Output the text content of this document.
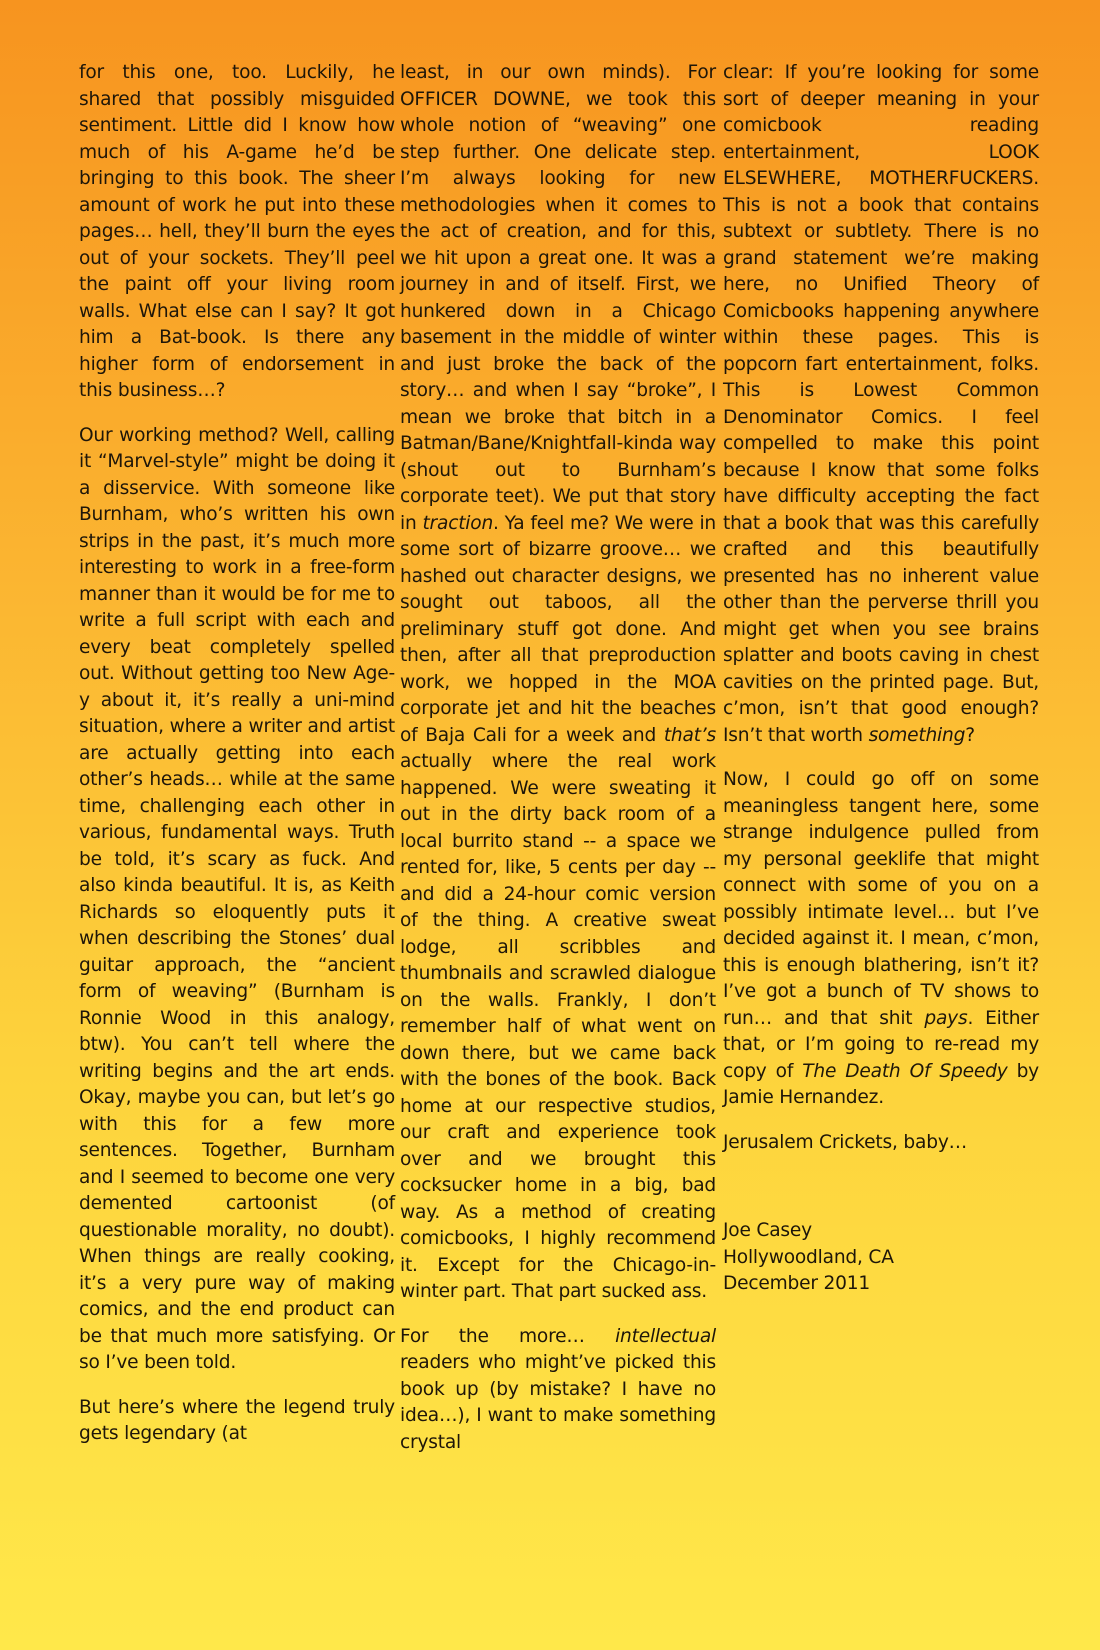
for this one, too. Luckily, he shared that possibly misguided sentiment. Little did I know how much of his A-game he’d be bringing to this book. The sheer amount of work he put into these pages… hell, they’ll burn the eyes out of your sockets. They’ll peel the paint off your living room walls. What else can I say? It got him a Bat-book. Is there any higher form of endorsement in this business…?

Our working method? Well, calling it “Marvel-style” might be doing it a disservice. With someone like Burnham, who’s written his own strips in the past, it’s much more interesting to work in a free-form manner than it would be for me to write a full script with each and every beat completely spelled out. Without getting too New Age-y about it, it’s really a uni-mind situation, where a writer and artist are actually getting into each other’s heads… while at the same time, challenging each other in various, fundamental ways. Truth be told, it’s scary as fuck. And also kinda beautiful. It is, as Keith Richards so eloquently puts it when describing the Stones’ dual guitar approach, the “ancient form of weaving” (Burnham is Ronnie Wood in this analogy, btw). You can’t tell where the writing begins and the art ends. Okay, maybe you can, but let’s go with this for a few more sentences. Together, Burnham and I seemed to become one very demented cartoonist (of questionable morality, no doubt). When things are really cooking, it’s a very pure way of making comics, and the end product can be that much more satisfying. Or so I’ve been told.

But here’s where the legend truly gets legendary (at

least, in our own minds). For OFFICER DOWNE, we took this whole notion of “weaving” one step further. One delicate step. I’m always looking for new methodologies when it comes to the act of creation, and for this, we hit upon a great one. It was a journey in and of itself. First, we hunkered down in a Chicago basement in the middle of winter and just broke the back of the story… and when I say “broke”, I mean we broke that bitch in a Batman/Bane/Knightfall-kinda way (shout out to Burnham’s corporate teet). We put that story in traction. Ya feel me? We were in some sort of bizarre groove… we hashed out character designs, we sought out taboos, all the preliminary stuff got done. And then, after all that preproduction work, we hopped in the MOA corporate jet and hit the beaches of Baja Cali for a week and that’s actually where the real work happened. We were sweating it out in the dirty back room of a local burrito stand -- a space we rented for, like, 5 cents per day -- and did a 24-hour comic version of the thing. A creative sweat lodge, all scribbles and thumbnails and scrawled dialogue on the walls. Frankly, I don’t remember half of what went on down there, but we came back with the bones of the book. Back home at our respective studios, our craft and experience took over and we brought this cocksucker home in a big, bad way. As a method of creating comicbooks, I highly recommend it. Except for the Chicago-in-winter part. That part sucked ass.

For the more… intellectual readers who might’ve picked this book up (by mistake? I have no idea…), I want to make something crystal

clear: If you’re looking for some sort of deeper meaning in your comicbook reading entertainment, LOOK ELSEWHERE, MOTHERFUCKERS. This is not a book that contains subtext or subtlety. There is no grand statement we’re making here, no Unified Theory of Comicbooks happening anywhere within these pages. This is popcorn fart entertainment, folks. This is Lowest Common Denominator Comics. I feel compelled to make this point because I know that some folks have difficulty accepting the fact that a book that was this carefully crafted and this beautifully presented has no inherent value other than the perverse thrill you might get when you see brains splatter and boots caving in chest cavities on the printed page. But, c’mon, isn’t that good enough? Isn’t that worth something?

Now, I could go off on some meaningless tangent here, some strange indulgence pulled from my personal geeklife that might connect with some of you on a possibly intimate level… but I’ve decided against it. I mean, c’mon, this is enough blathering, isn’t it? I’ve got a bunch of TV shows to run… and that shit pays. Either that, or I’m going to re-read my copy of The Death Of Speedy by Jamie Hernandez.

Jerusalem Crickets, baby…

Joe Casey
Hollywoodland, CA
December 2011
